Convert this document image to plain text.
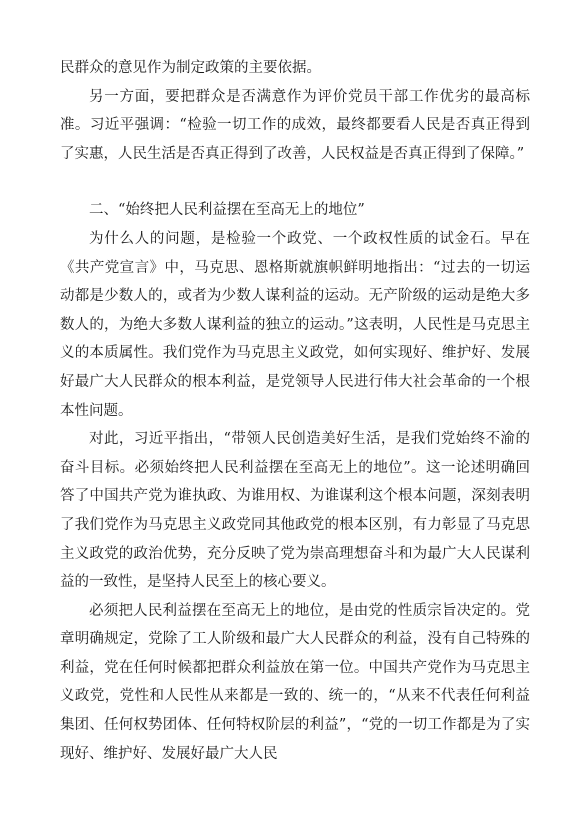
民群众的意见作为制定政策的主要依据。

另一方面，要把群众是否满意作为评价党员干部工作优劣的最高标准。习近平强调：“检验一切工作的成效，最终都要看人民是否真正得到了实惠，人民生活是否真正得到了改善，人民权益是否真正得到了保障。”

二、“始终把人民利益摆在至高无上的地位”

为什么人的问题，是检验一个政党、一个政权性质的试金石。早在《共产党宣言》中，马克思、恩格斯就旗帜鲜明地指出：“过去的一切运动都是少数人的，或者为少数人谋利益的运动。无产阶级的运动是绝大多数人的，为绝大多数人谋利益的独立的运动。”这表明，人民性是马克思主义的本质属性。我们党作为马克思主义政党，如何实现好、维护好、发展好最广大人民群众的根本利益，是党领导人民进行伟大社会革命的一个根本性问题。

对此，习近平指出，“带领人民创造美好生活，是我们党始终不渝的奋斗目标。必须始终把人民利益摆在至高无上的地位”。这一论述明确回答了中国共产党为谁执政、为谁用权、为谁谋利这个根本问题，深刻表明了我们党作为马克思主义政党同其他政党的根本区别，有力彰显了马克思主义政党的政治优势，充分反映了党为崇高理想奋斗和为最广大人民谋利益的一致性，是坚持人民至上的核心要义。

必须把人民利益摆在至高无上的地位，是由党的性质宗旨决定的。党章明确规定，党除了工人阶级和最广大人民群众的利益，没有自己特殊的利益，党在任何时候都把群众利益放在第一位。中国共产党作为马克思主义政党，党性和人民性从来都是一致的、统一的，“从来不代表任何利益集团、任何权势团体、任何特权阶层的利益”，“党的一切工作都是为了实现好、维护好、发展好最广大人民
